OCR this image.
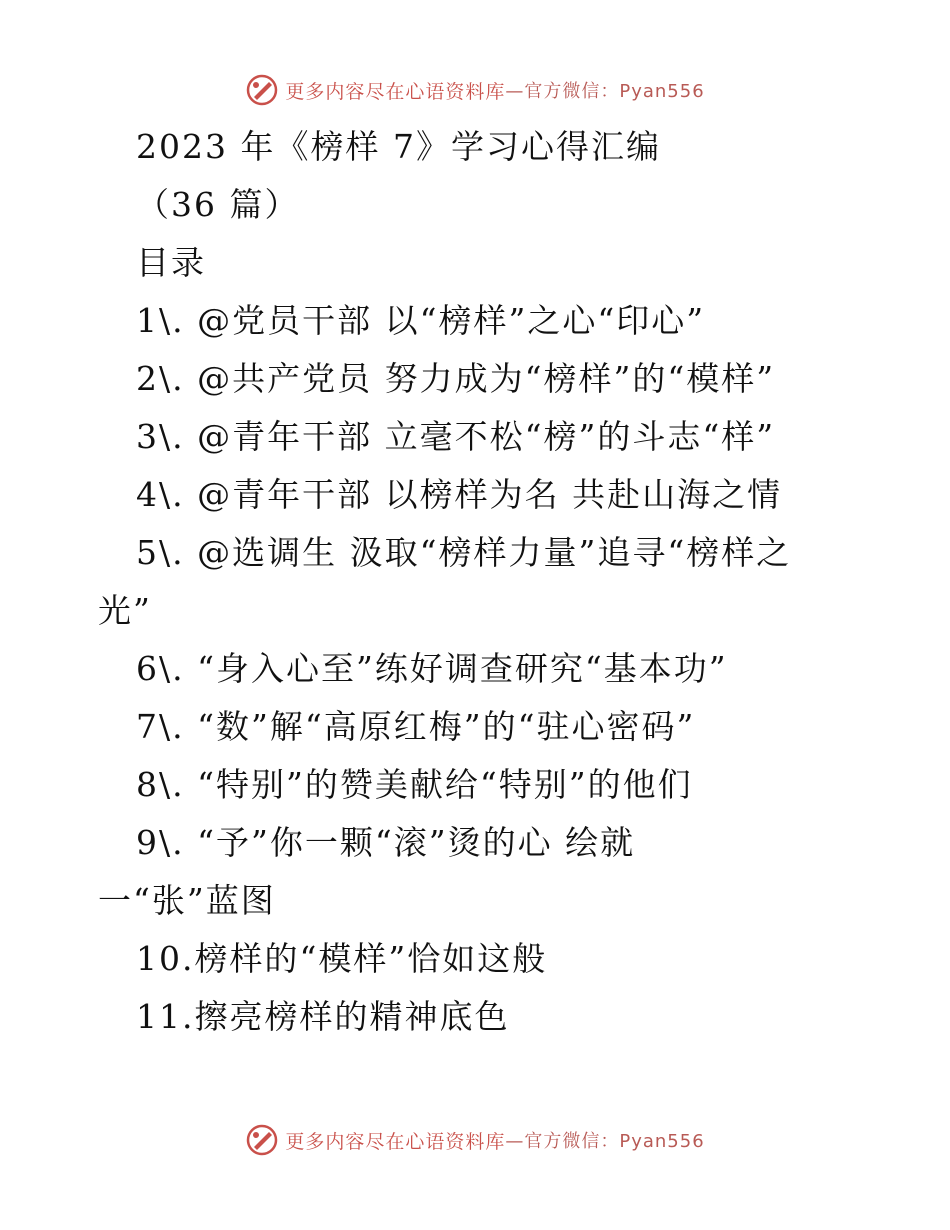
更多内容尽在心语资料库 —官方微信：Pyan556
2023 年《榜样 7》学习心得汇编
（36 篇）
目录
1\. @党员干部 以“榜样”之心“印心”
2\. @共产党员 努力成为“榜样”的“模样”
3\. @青年干部 立毫不松“榜”的斗志“样”
4\. @青年干部 以榜样为名 共赴山海之情
5\. @选调生 汲取“榜样力量”追寻“榜样之
光”
6\. “身入心至”练好调查研究“基本功”
7\. “数”解“高原红梅”的“驻心密码”
8\. “特别”的赞美献给“特别”的他们
9\. “予”你一颗“滚”烫的心 绘就
一“张”蓝图
10.榜样的“模样”恰如这般
11.擦亮榜样的精神底色
更多内容尽在心语资料库 —官方微信：Pyan556
